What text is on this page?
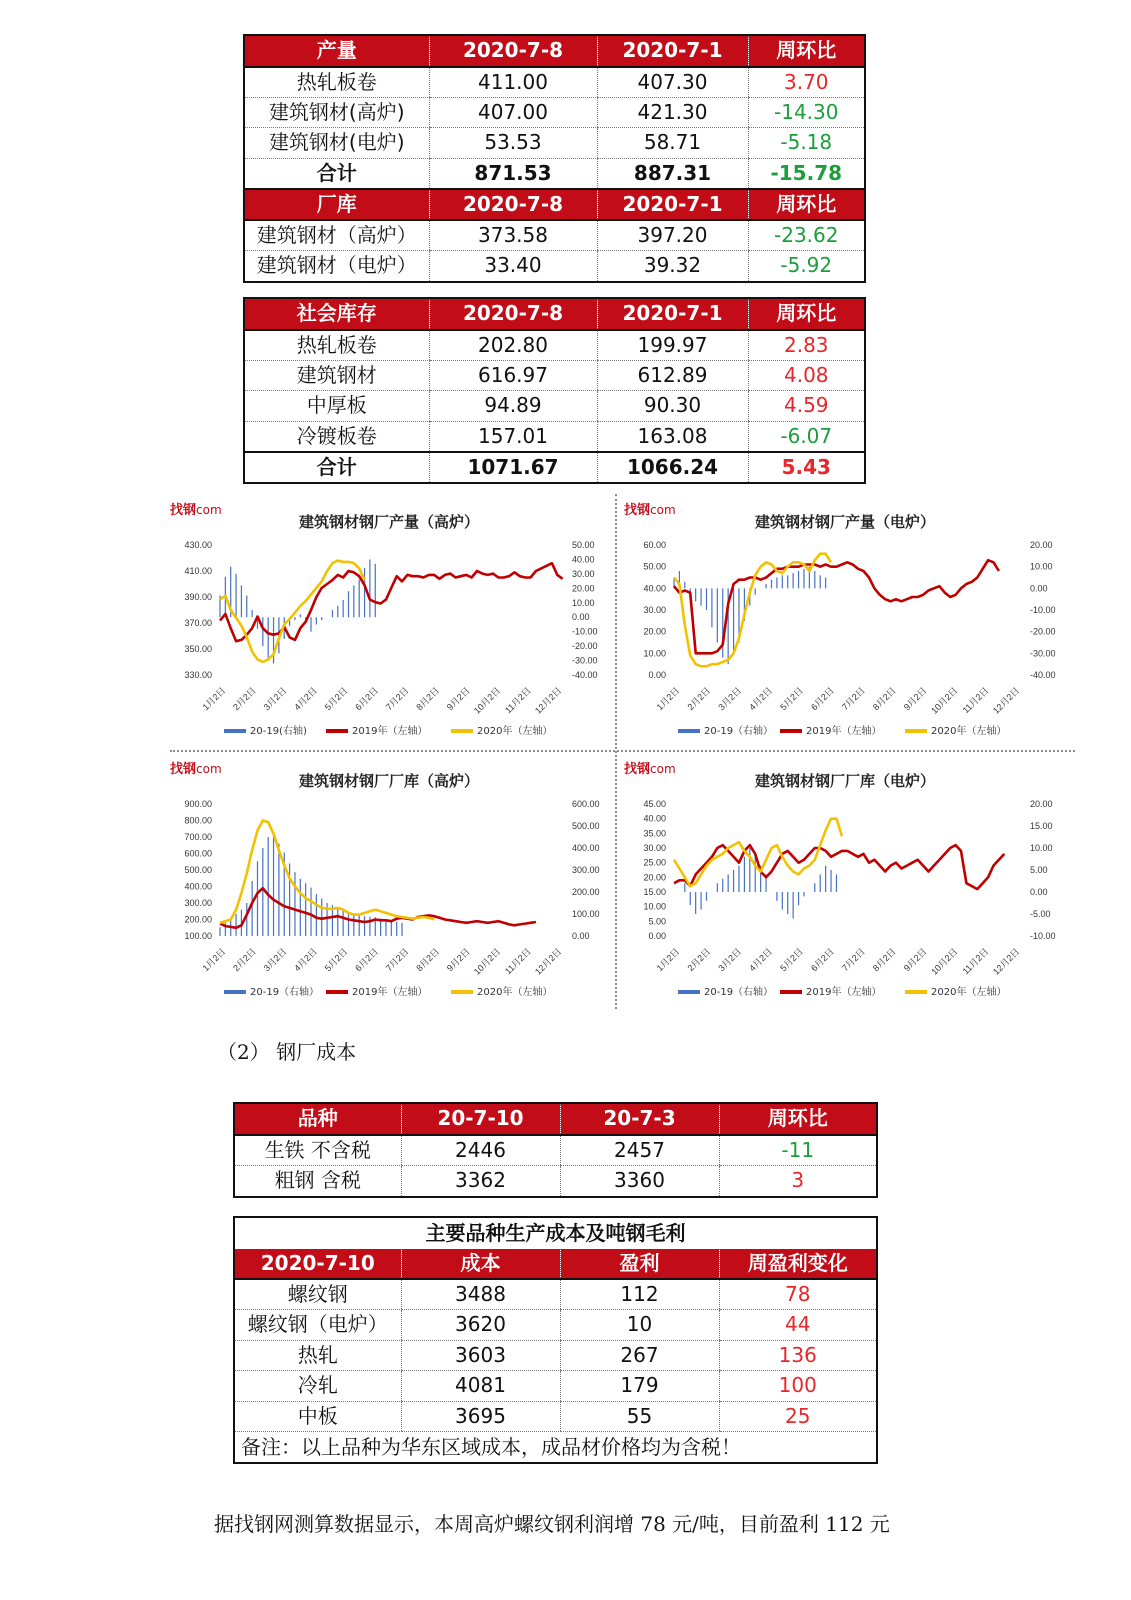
产量	2020-7-8	2020-7-1	周环比
热轧板卷	411.00	407.30	3.70
建筑钢材(高炉)	407.00	421.30	-14.30
建筑钢材(电炉)	53.53	58.71	-5.18
合计	871.53	887.31	-15.78
厂库	2020-7-8	2020-7-1	周环比
建筑钢材（高炉）	373.58	397.20	-23.62
建筑钢材（电炉）	33.40	39.32	-5.92
社会库存	2020-7-8	2020-7-1	周环比
热轧板卷	202.80	199.97	2.83
建筑钢材	616.97	612.89	4.08
中厚板	94.89	90.30	4.59
冷镀板卷	157.01	163.08	-6.07
合计	1071.67	1066.24	5.43
找钢com
建筑钢材钢厂产量（高炉）
430.00
410.00
390.00
370.00
350.00
330.00
50.00
40.00
30.00
20.00
10.00
0.00
-10.00
-20.00
-30.00
-40.00
1月2日 2月2日 3月2日 4月2日 5月2日 6月2日 7月2日 8月2日 9月2日 10月2日 11月2日 12月2日
20-19(右轴)	2019年（左轴）	2020年（左轴）
找钢com
建筑钢材钢厂产量（电炉）
60.00
50.00
40.00
30.00
20.00
10.00
0.00
20.00
10.00
0.00
-10.00
-20.00
-30.00
-40.00
1月2日 2月2日 3月2日 4月2日 5月2日 6月2日 7月2日 8月2日 9月2日 10月2日 11月2日 12月2日
20-19（右轴）	2019年（左轴）	2020年（左轴）
找钢com
建筑钢材钢厂厂库（高炉）
900.00
800.00
700.00
600.00
500.00
400.00
300.00
200.00
100.00
600.00
500.00
400.00
300.00
200.00
100.00
0.00
1月2日 2月2日 3月2日 4月2日 5月2日 6月2日 7月2日 8月2日 9月2日 10月2日 11月2日 12月2日
20-19（右轴）	2019年（左轴）	2020年（左轴）
找钢com
建筑钢材钢厂厂库（电炉）
45.00
40.00
35.00
30.00
25.00
20.00
15.00
10.00
5.00
0.00
20.00
15.00
10.00
5.00
0.00
-5.00
-10.00
1月2日 2月2日 3月2日 4月2日 5月2日 6月2日 7月2日 8月2日 9月2日 10月2日 11月2日 12月2日
20-19（右轴）	2019年（左轴）	2020年（左轴）
（2） 钢厂成本
品种	20-7-10	20-7-3	周环比
生铁 不含税	2446	2457	-11
粗钢 含税	3362	3360	3
主要品种生产成本及吨钢毛利			
2020-7-10	成本	盈利	周盈利变化
螺纹钢	3488	112	78
螺纹钢（电炉）	3620	10	44
热轧	3603	267	136
冷轧	4081	179	100
中板	3695	55	25
备注：以上品种为华东区域成本，成品材价格均为含税！			
据找钢网测算数据显示，本周高炉螺纹钢利润增 78 元/吨，目前盈利 112 元
